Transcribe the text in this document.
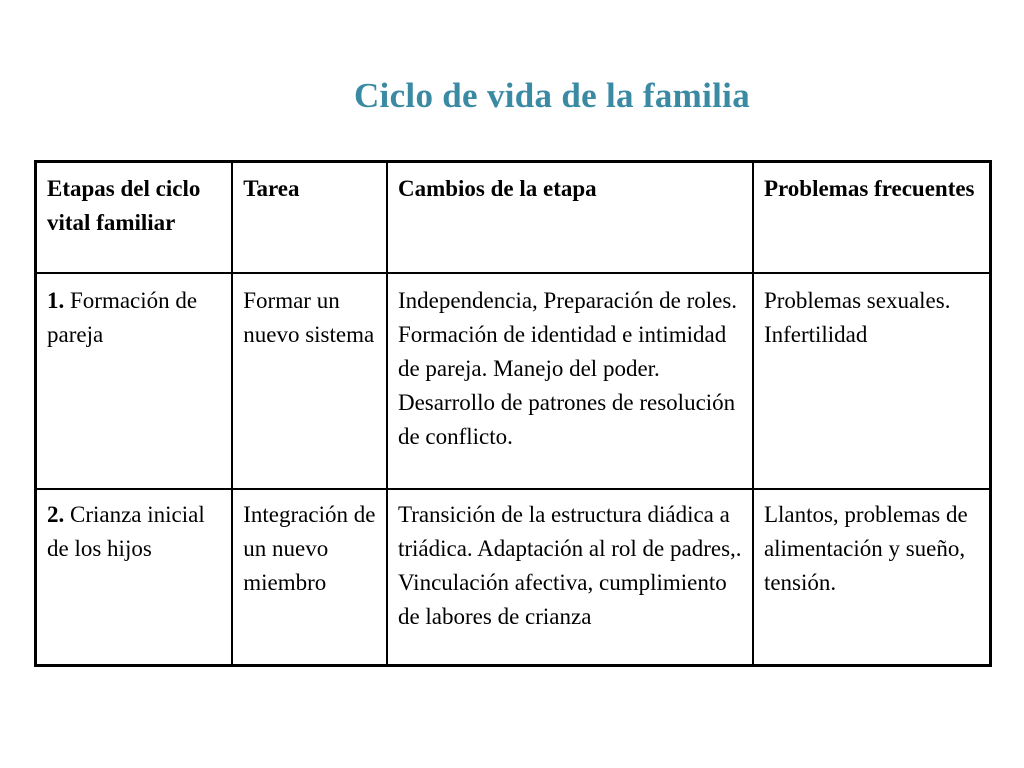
Ciclo de vida de la familia
Etapas del ciclo vital familiar	Tarea	Cambios de la etapa	Problemas frecuentes
1. Formación de pareja	Formar un nuevo sistema	Independencia, Preparación de roles. Formación de identidad e intimidad de pareja. Manejo del poder. Desarrollo de patrones de resolución de conflicto.	Problemas sexuales. Infertilidad
2. Crianza inicial de los hijos	Integración de un nuevo miembro	Transición de la estructura diádica a triádica. Adaptación al rol de padres,. Vinculación afectiva, cumplimiento de labores de crianza	Llantos, problemas de alimentación y sueño, tensión.
